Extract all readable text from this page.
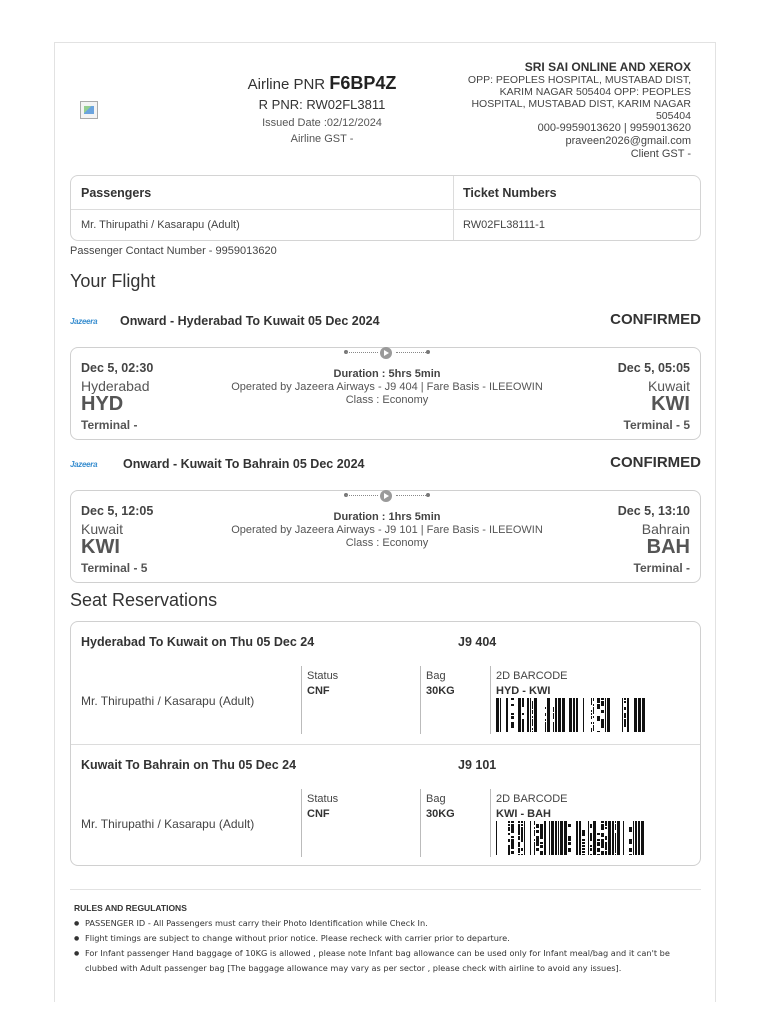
Airline PNR F6BP4Z
R PNR: RW02FL3811
Issued Date :02/12/2024
Airline GST -
SRI SAI ONLINE AND XEROX
OPP: PEOPLES HOSPITAL, MUSTABAD DIST, KARIM NAGAR 505404 OPP: PEOPLES HOSPITAL, MUSTABAD DIST, KARIM NAGAR 505404
000-9959013620 | 9959013620
praveen2026@gmail.com
Client GST -
Passengers	Ticket Numbers
Mr. Thirupathi / Kasarapu (Adult)	RW02FL38111-1
Passenger Contact Number - 9959013620
Your Flight
Jazeera	Onward - Hyderabad To Kuwait 05 Dec 2024	CONFIRMED
Dec 5, 02:30
Hyderabad
HYD
Terminal -
Duration : 5hrs 5min
Operated by Jazeera Airways - J9 404 | Fare Basis - ILEEOWIN
Class : Economy
Dec 5, 05:05
Kuwait
KWI
Terminal - 5
Jazeera	Onward - Kuwait To Bahrain 05 Dec 2024	CONFIRMED
Dec 5, 12:05
Kuwait
KWI
Terminal - 5
Duration : 1hrs 5min
Operated by Jazeera Airways - J9 101 | Fare Basis - ILEEOWIN
Class : Economy
Dec 5, 13:10
Bahrain
BAH
Terminal -
Seat Reservations
Hyderabad To Kuwait on Thu 05 Dec 24	J9 404
Mr. Thirupathi / Kasarapu (Adult)
Status
CNF
Bag
30KG
2D BARCODE
HYD - KWI
Kuwait To Bahrain on Thu 05 Dec 24	J9 101
Mr. Thirupathi / Kasarapu (Adult)
Status
CNF
Bag
30KG
2D BARCODE
KWI - BAH
RULES AND REGULATIONS
● PASSENGER ID - All Passengers must carry their Photo Identification while Check In.
● Flight timings are subject to change without prior notice. Please recheck with carrier prior to departure.
● For Infant passenger Hand baggage of 10KG is allowed , please note Infant bag allowance can be used only for Infant meal/bag and it can't be clubbed with Adult passenger bag [The baggage allowance may vary as per sector , please check with airline to avoid any issues].
